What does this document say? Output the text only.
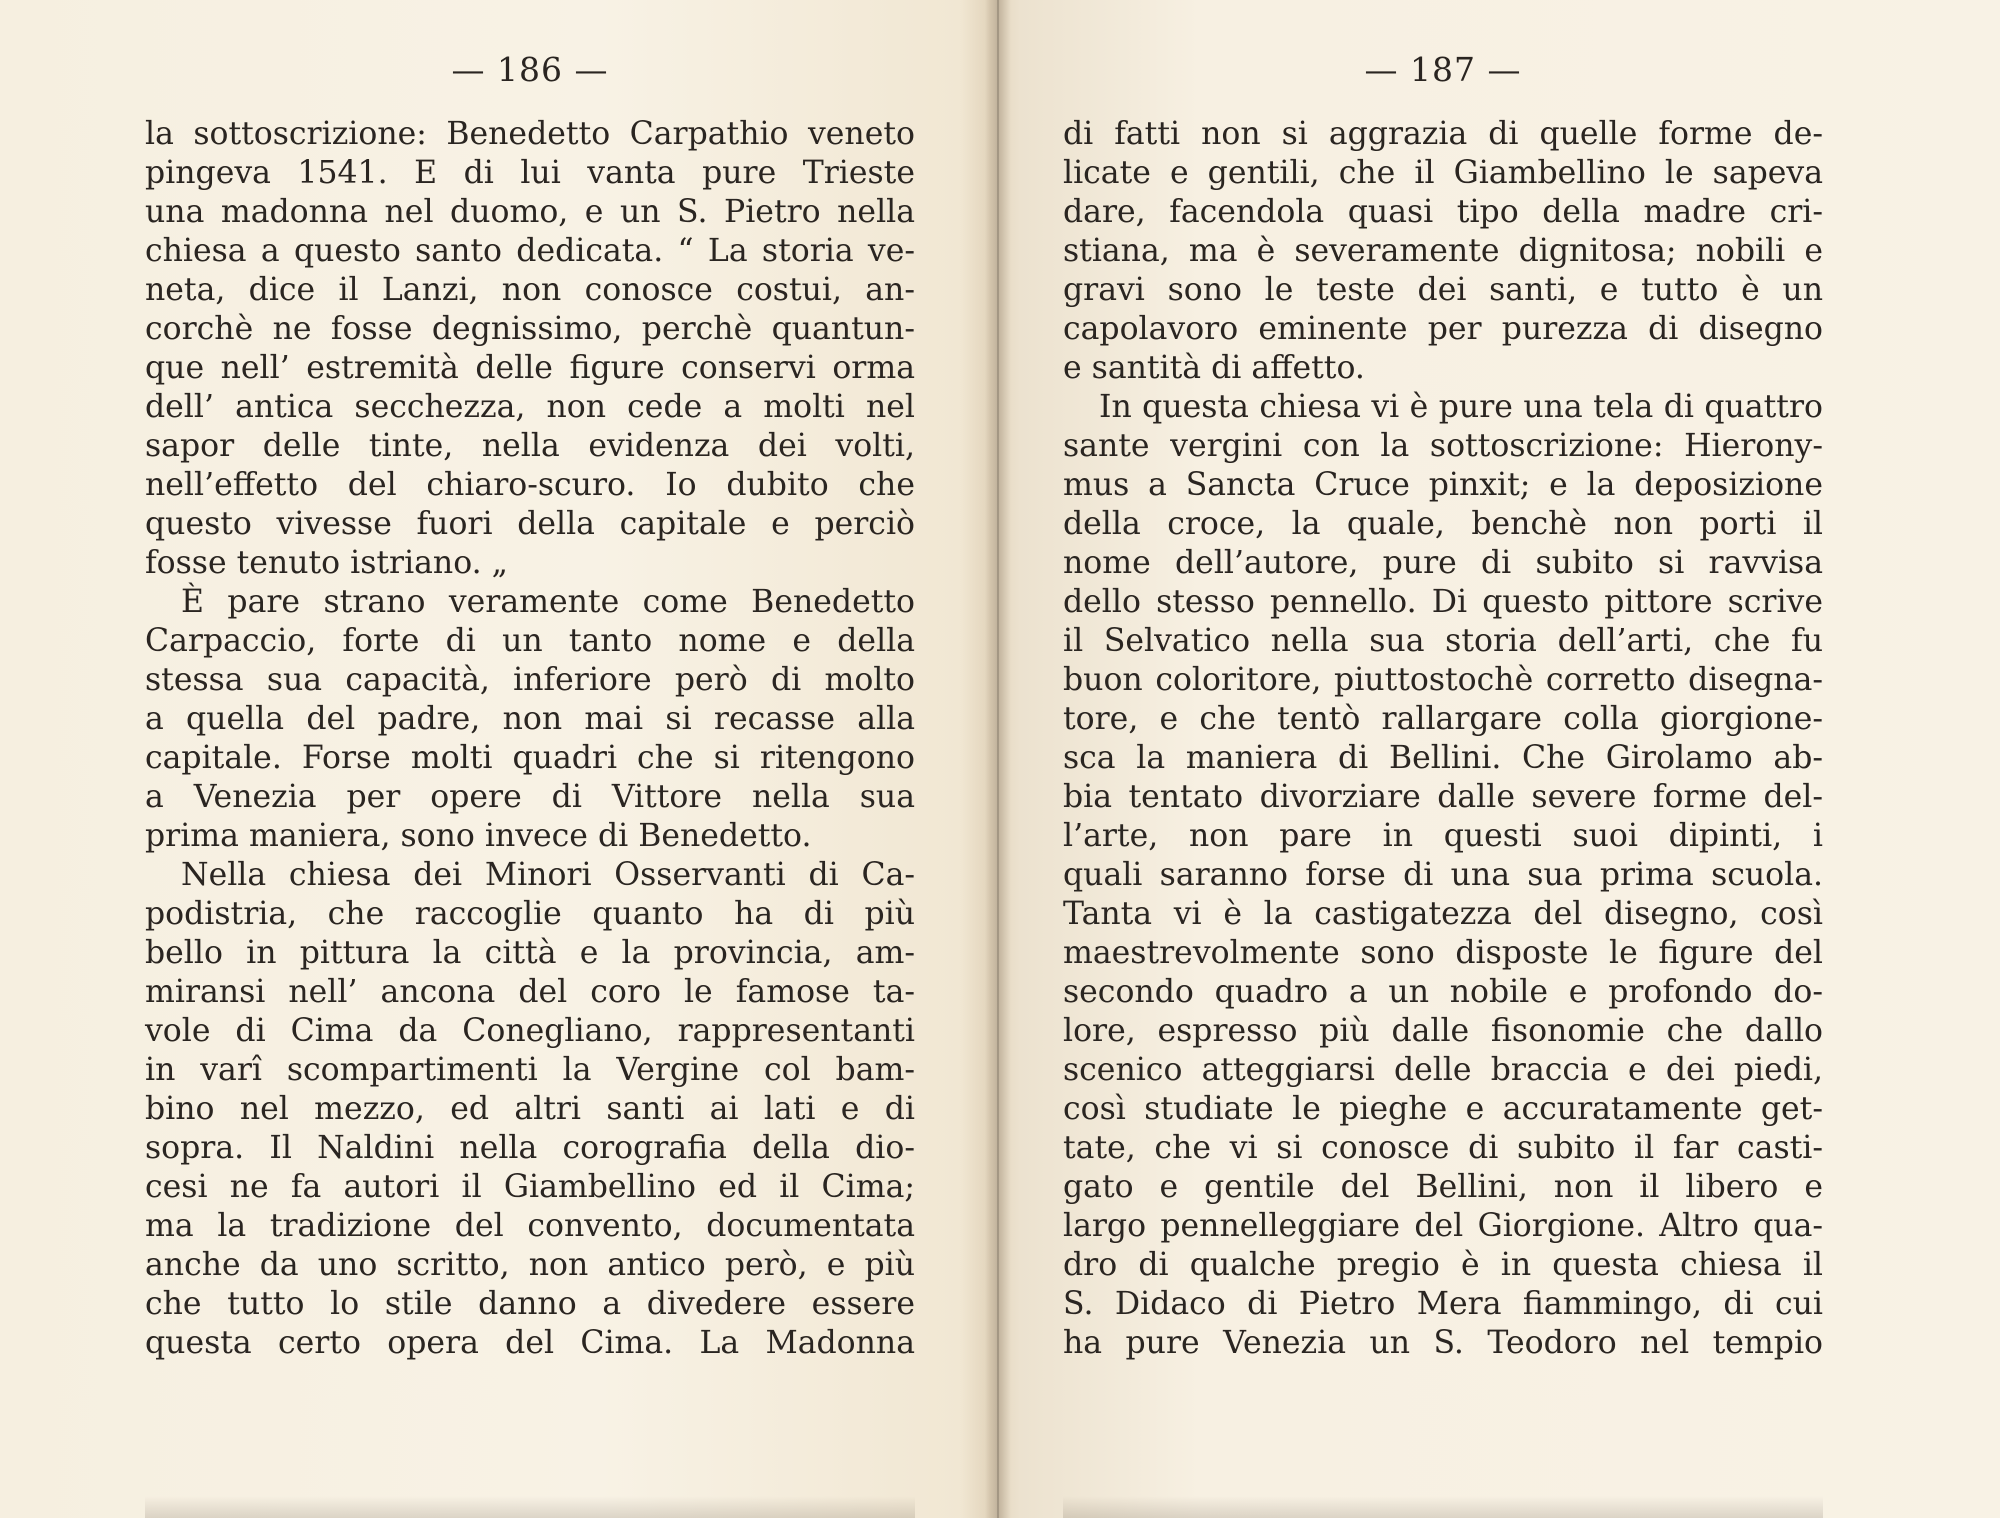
— 186 —
la sottoscrizione: Benedetto Carpathio veneto
pingeva 1541. E di lui vanta pure Trieste
una madonna nel duomo, e un S. Pietro nella
chiesa a questo santo dedicata. “ La storia ve-
neta, dice il Lanzi, non conosce costui, an-
corchè ne fosse degnissimo, perchè quantun-
que nell’ estremità delle figure conservi orma
dell’ antica secchezza, non cede a molti nel
sapor delle tinte, nella evidenza dei volti,
nell’effetto del chiaro-scuro. Io dubito che
questo vivesse fuori della capitale e perciò
fosse tenuto istriano. „
È pare strano veramente come Benedetto
Carpaccio, forte di un tanto nome e della
stessa sua capacità, inferiore però di molto
a quella del padre, non mai si recasse alla
capitale. Forse molti quadri che si ritengono
a Venezia per opere di Vittore nella sua
prima maniera, sono invece di Benedetto.
Nella chiesa dei Minori Osservanti di Ca-
podistria, che raccoglie quanto ha di più
bello in pittura la città e la provincia, am-
miransi nell’ ancona del coro le famose ta-
vole di Cima da Conegliano, rappresentanti
in varî scompartimenti la Vergine col bam-
bino nel mezzo, ed altri santi ai lati e di
sopra. Il Naldini nella corografia della dio-
cesi ne fa autori il Giambellino ed il Cima;
ma la tradizione del convento, documentata
anche da uno scritto, non antico però, e più
che tutto lo stile danno a divedere essere
questa certo opera del Cima. La Madonna
— 187 —
di fatti non si aggrazia di quelle forme de-
licate e gentili, che il Giambellino le sapeva
dare, facendola quasi tipo della madre cri-
stiana, ma è severamente dignitosa; nobili e
gravi sono le teste dei santi, e tutto è un
capolavoro eminente per purezza di disegno
e santità di affetto.
In questa chiesa vi è pure una tela di quattro
sante vergini con la sottoscrizione: Hierony-
mus a Sancta Cruce pinxit; e la deposizione
della croce, la quale, benchè non porti il
nome dell’autore, pure di subito si ravvisa
dello stesso pennello. Di questo pittore scrive
il Selvatico nella sua storia dell’arti, che fu
buon coloritore, piuttostochè corretto disegna-
tore, e che tentò rallargare colla giorgione-
sca la maniera di Bellini. Che Girolamo ab-
bia tentato divorziare dalle severe forme del-
l’arte, non pare in questi suoi dipinti, i
quali saranno forse di una sua prima scuola.
Tanta vi è la castigatezza del disegno, così
maestrevolmente sono disposte le figure del
secondo quadro a un nobile e profondo do-
lore, espresso più dalle fisonomie che dallo
scenico atteggiarsi delle braccia e dei piedi,
così studiate le pieghe e accuratamente get-
tate, che vi si conosce di subito il far casti-
gato e gentile del Bellini, non il libero e
largo pennelleggiare del Giorgione. Altro qua-
dro di qualche pregio è in questa chiesa il
S. Didaco di Pietro Mera fiammingo, di cui
ha pure Venezia un S. Teodoro nel tempio
